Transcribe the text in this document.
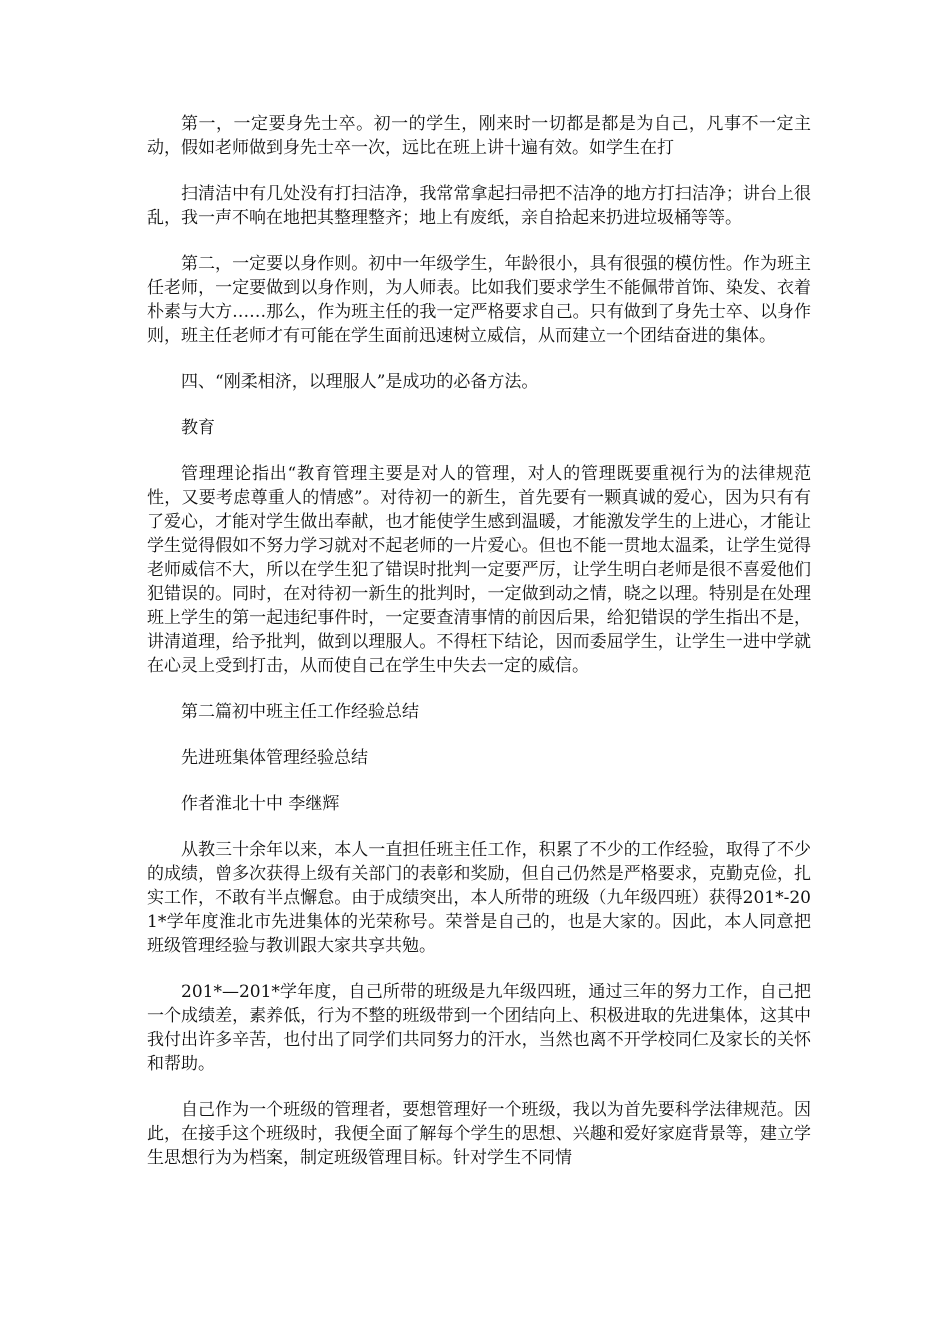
第一，一定要身先士卒。初一的学生，刚来时一切都是都是为自己，凡事不一定主动，假如老师做到身先士卒一次，远比在班上讲十遍有效。如学生在打

扫清洁中有几处没有打扫洁净，我常常拿起扫帚把不洁净的地方打扫洁净；讲台上很乱，我一声不响在地把其整理整齐；地上有废纸，亲自拾起来扔进垃圾桶等等。

第二，一定要以身作则。初中一年级学生，年龄很小，具有很强的模仿性。作为班主任老师，一定要做到以身作则，为人师表。比如我们要求学生不能佩带首饰、染发、衣着朴素与大方……那么，作为班主任的我一定严格要求自己。只有做到了身先士卒、以身作则，班主任老师才有可能在学生面前迅速树立威信，从而建立一个团结奋进的集体。

四、“刚柔相济，以理服人”是成功的必备方法。

教育

管理理论指出“教育管理主要是对人的管理，对人的管理既要重视行为的法律规范性，又要考虑尊重人的情感”。对待初一的新生，首先要有一颗真诚的爱心，因为只有有了爱心，才能对学生做出奉献，也才能使学生感到温暖，才能激发学生的上进心，才能让学生觉得假如不努力学习就对不起老师的一片爱心。但也不能一贯地太温柔，让学生觉得老师威信不大，所以在学生犯了错误时批判一定要严厉，让学生明白老师是很不喜爱他们犯错误的。同时，在对待初一新生的批判时，一定做到动之情，晓之以理。特别是在处理班上学生的第一起违纪事件时，一定要查清事情的前因后果，给犯错误的学生指出不是，讲清道理，给予批判，做到以理服人。不得枉下结论，因而委屈学生，让学生一进中学就在心灵上受到打击，从而使自己在学生中失去一定的威信。

第二篇初中班主任工作经验总结

先进班集体管理经验总结

作者淮北十中 李继辉

从教三十余年以来，本人一直担任班主任工作，积累了不少的工作经验，取得了不少的成绩，曾多次获得上级有关部门的表彰和奖励，但自己仍然是严格要求，克勤克俭，扎实工作，不敢有半点懈怠。由于成绩突出，本人所带的班级（九年级四班）获得201*-201*学年度淮北市先进集体的光荣称号。荣誉是自己的，也是大家的。因此，本人同意把班级管理经验与教训跟大家共享共勉。

201*—201*学年度，自己所带的班级是九年级四班，通过三年的努力工作，自己把一个成绩差，素养低，行为不整的班级带到一个团结向上、积极进取的先进集体，这其中我付出许多辛苦，也付出了同学们共同努力的汗水，当然也离不开学校同仁及家长的关怀和帮助。

自己作为一个班级的管理者，要想管理好一个班级，我以为首先要科学法律规范。因此，在接手这个班级时，我便全面了解每个学生的思想、兴趣和爱好家庭背景等，建立学生思想行为为档案，制定班级管理目标。针对学生不同情
